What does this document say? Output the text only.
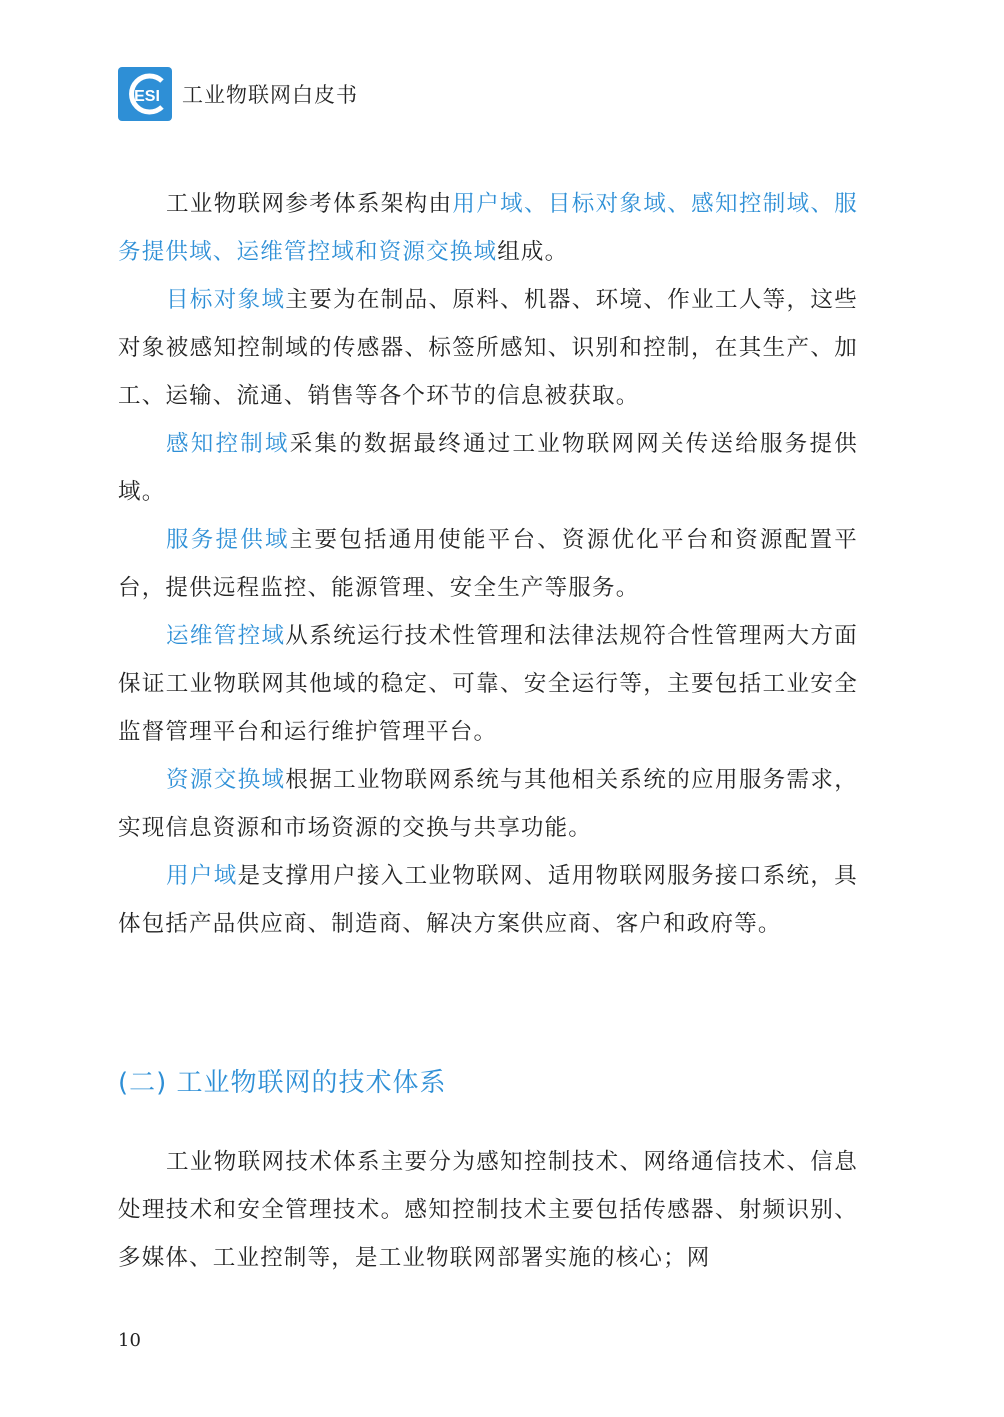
ESI 工业物联网白皮书

工业物联网参考体系架构由用户域、目标对象域、感知控制域、服务提供域、运维管控域和资源交换域组成。

目标对象域主要为在制品、原料、机器、环境、作业工人等，这些对象被感知控制域的传感器、标签所感知、识别和控制，在其生产、加工、运输、流通、销售等各个环节的信息被获取。

感知控制域采集的数据最终通过工业物联网网关传送给服务提供域。

服务提供域主要包括通用使能平台、资源优化平台和资源配置平台，提供远程监控、能源管理、安全生产等服务。

运维管控域从系统运行技术性管理和法律法规符合性管理两大方面保证工业物联网其他域的稳定、可靠、安全运行等，主要包括工业安全监督管理平台和运行维护管理平台。

资源交换域根据工业物联网系统与其他相关系统的应用服务需求，实现信息资源和市场资源的交换与共享功能。

用户域是支撑用户接入工业物联网、适用物联网服务接口系统，具体包括产品供应商、制造商、解决方案供应商、客户和政府等。

(二) 工业物联网的技术体系

工业物联网技术体系主要分为感知控制技术、网络通信技术、信息处理技术和安全管理技术。感知控制技术主要包括传感器、射频识别、多媒体、工业控制等，是工业物联网部署实施的核心；网

10
